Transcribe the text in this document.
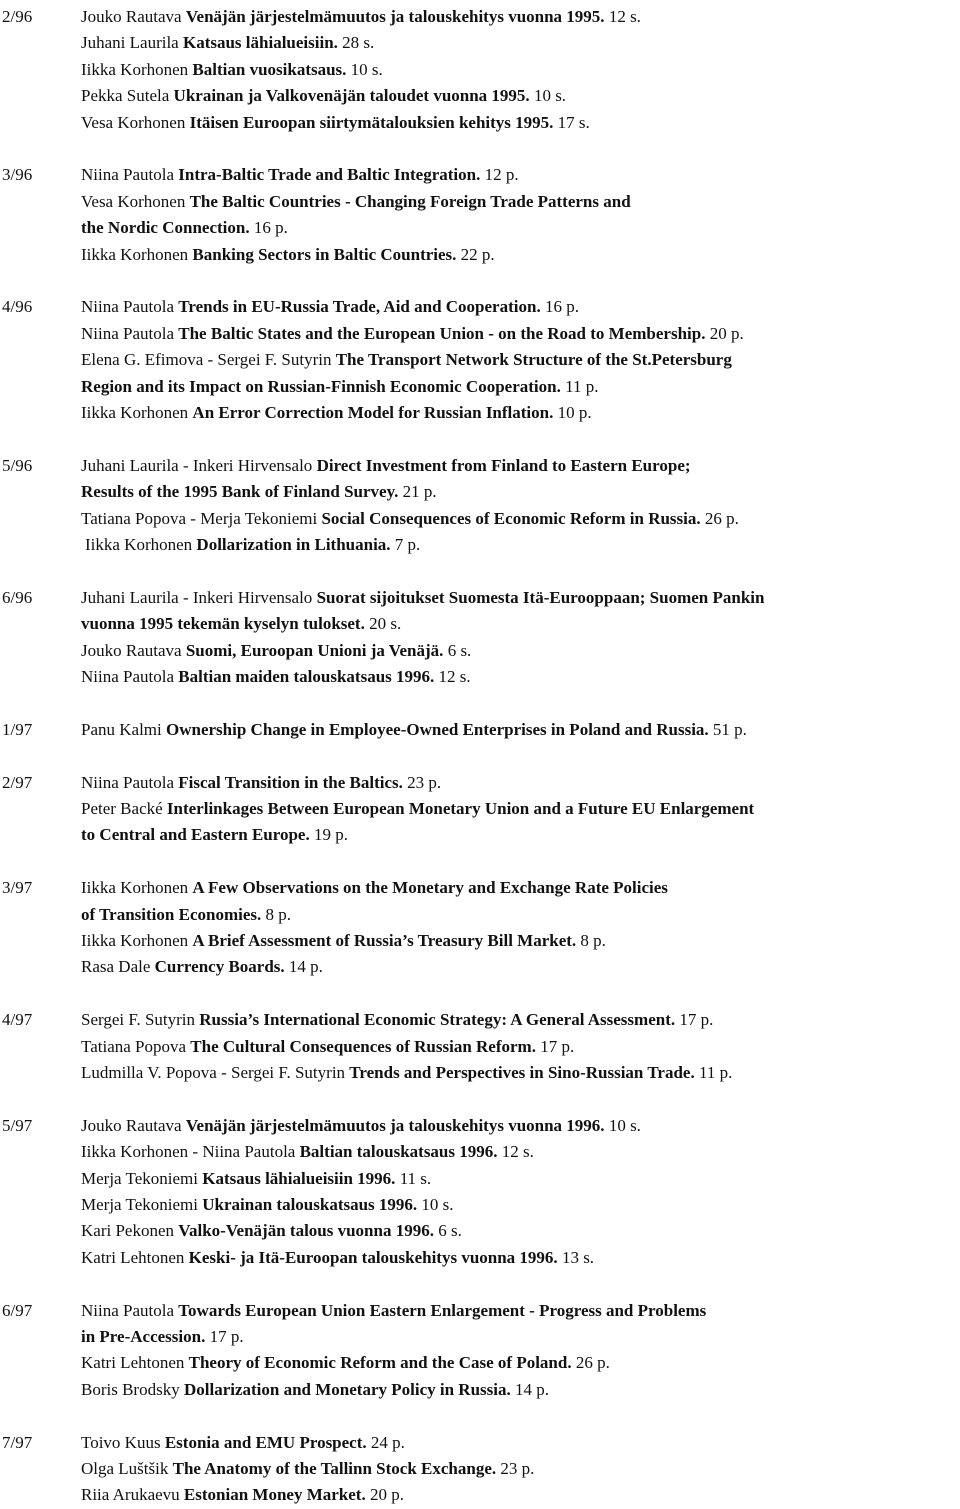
2/96	Jouko Rautava Venäjän järjestelmämuutos ja talouskehitys vuonna 1995. 12 s.
Juhani Laurila Katsaus lähialueisiin. 28 s.
Iikka Korhonen Baltian vuosikatsaus. 10 s.
Pekka Sutela Ukrainan ja Valkovenäjän taloudet vuonna 1995. 10 s.
Vesa Korhonen Itäisen Euroopan siirtymätalouksien kehitys 1995. 17 s.
3/96	Niina Pautola Intra-Baltic Trade and Baltic Integration. 12 p.
Vesa Korhonen The Baltic Countries - Changing Foreign Trade Patterns and
the Nordic Connection. 16 p.
Iikka Korhonen Banking Sectors in Baltic Countries. 22 p.
4/96	Niina Pautola Trends in EU-Russia Trade, Aid and Cooperation. 16 p.
Niina Pautola The Baltic States and the European Union - on the Road to Membership. 20 p.
Elena G. Efimova - Sergei F. Sutyrin The Transport Network Structure of the St.Petersburg
Region and its Impact on Russian-Finnish Economic Cooperation. 11 p.
Iikka Korhonen An Error Correction Model for Russian Inflation. 10 p.
5/96	Juhani Laurila - Inkeri Hirvensalo Direct Investment from Finland to Eastern Europe;
Results of the 1995 Bank of Finland Survey. 21 p.
Tatiana Popova - Merja Tekoniemi Social Consequences of Economic Reform in Russia. 26 p.
Iikka Korhonen Dollarization in Lithuania. 7 p.
6/96	Juhani Laurila - Inkeri Hirvensalo Suorat sijoitukset Suomesta Itä-Eurooppaan; Suomen Pankin
vuonna 1995 tekemän kyselyn tulokset. 20 s.
Jouko Rautava Suomi, Euroopan Unioni ja Venäjä. 6 s.
Niina Pautola Baltian maiden talouskatsaus 1996. 12 s.
1/97	Panu Kalmi Ownership Change in Employee-Owned Enterprises in Poland and Russia. 51 p.
2/97	Niina Pautola Fiscal Transition in the Baltics. 23 p.
Peter Backé Interlinkages Between European Monetary Union and a Future EU Enlargement
to Central and Eastern Europe. 19 p.
3/97	Iikka Korhonen A Few Observations on the Monetary and Exchange Rate Policies
of Transition Economies. 8 p.
Iikka Korhonen A Brief Assessment of Russia’s Treasury Bill Market. 8 p.
Rasa Dale Currency Boards. 14 p.
4/97	Sergei F. Sutyrin Russia’s International Economic Strategy: A General Assessment. 17 p.
Tatiana Popova The Cultural Consequences of Russian Reform. 17 p.
Ludmilla V. Popova - Sergei F. Sutyrin Trends and Perspectives in Sino-Russian Trade. 11 p.
5/97	Jouko Rautava Venäjän järjestelmämuutos ja talouskehitys vuonna 1996. 10 s.
Iikka Korhonen - Niina Pautola Baltian talouskatsaus 1996. 12 s.
Merja Tekoniemi Katsaus lähialueisiin 1996. 11 s.
Merja Tekoniemi Ukrainan talouskatsaus 1996. 10 s.
Kari Pekonen Valko-Venäjän talous vuonna 1996. 6 s.
Katri Lehtonen Keski- ja Itä-Euroopan talouskehitys vuonna 1996. 13 s.
6/97	Niina Pautola Towards European Union Eastern Enlargement - Progress and Problems
in Pre-Accession. 17 p.
Katri Lehtonen Theory of Economic Reform and the Case of Poland. 26 p.
Boris Brodsky Dollarization and Monetary Policy in Russia. 14 p.
7/97	Toivo Kuus Estonia and EMU Prospect. 24 p.
Olga Luštšik The Anatomy of the Tallinn Stock Exchange. 23 p.
Riia Arukaevu Estonian Money Market. 20 p.
